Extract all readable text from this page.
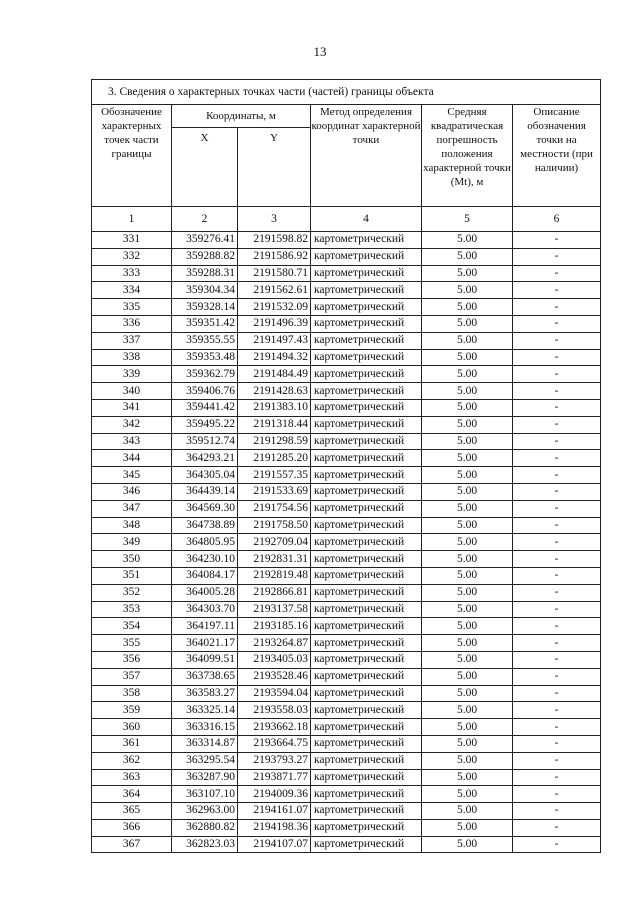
13
3. Сведения о характерных точках части (частей) границы объекта					
Обозначение характерных точек части границы	Координаты, м		Метод определения координат характерной точки	Средняя квадратическая погрешность положения характерной точки (Mt), м	Описание обозначения точки на местности (при наличии)
	X	Y			
1	2	3	4	5	6
331	359276.41	2191598.82	картометрический	5.00	-
332	359288.82	2191586.92	картометрический	5.00	-
333	359288.31	2191580.71	картометрический	5.00	-
334	359304.34	2191562.61	картометрический	5.00	-
335	359328.14	2191532.09	картометрический	5.00	-
336	359351.42	2191496.39	картометрический	5.00	-
337	359355.55	2191497.43	картометрический	5.00	-
338	359353.48	2191494.32	картометрический	5.00	-
339	359362.79	2191484.49	картометрический	5.00	-
340	359406.76	2191428.63	картометрический	5.00	-
341	359441.42	2191383.10	картометрический	5.00	-
342	359495.22	2191318.44	картометрический	5.00	-
343	359512.74	2191298.59	картометрический	5.00	-
344	364293.21	2191285.20	картометрический	5.00	-
345	364305.04	2191557.35	картометрический	5.00	-
346	364439.14	2191533.69	картометрический	5.00	-
347	364569.30	2191754.56	картометрический	5.00	-
348	364738.89	2191758.50	картометрический	5.00	-
349	364805.95	2192709.04	картометрический	5.00	-
350	364230.10	2192831.31	картометрический	5.00	-
351	364084.17	2192819.48	картометрический	5.00	-
352	364005.28	2192866.81	картометрический	5.00	-
353	364303.70	2193137.58	картометрический	5.00	-
354	364197.11	2193185.16	картометрический	5.00	-
355	364021.17	2193264.87	картометрический	5.00	-
356	364099.51	2193405.03	картометрический	5.00	-
357	363738.65	2193528.46	картометрический	5.00	-
358	363583.27	2193594.04	картометрический	5.00	-
359	363325.14	2193558.03	картометрический	5.00	-
360	363316.15	2193662.18	картометрический	5.00	-
361	363314.87	2193664.75	картометрический	5.00	-
362	363295.54	2193793.27	картометрический	5.00	-
363	363287.90	2193871.77	картометрический	5.00	-
364	363107.10	2194009.36	картометрический	5.00	-
365	362963.00	2194161.07	картометрический	5.00	-
366	362880.82	2194198.36	картометрический	5.00	-
367	362823.03	2194107.07	картометрический	5.00	-
